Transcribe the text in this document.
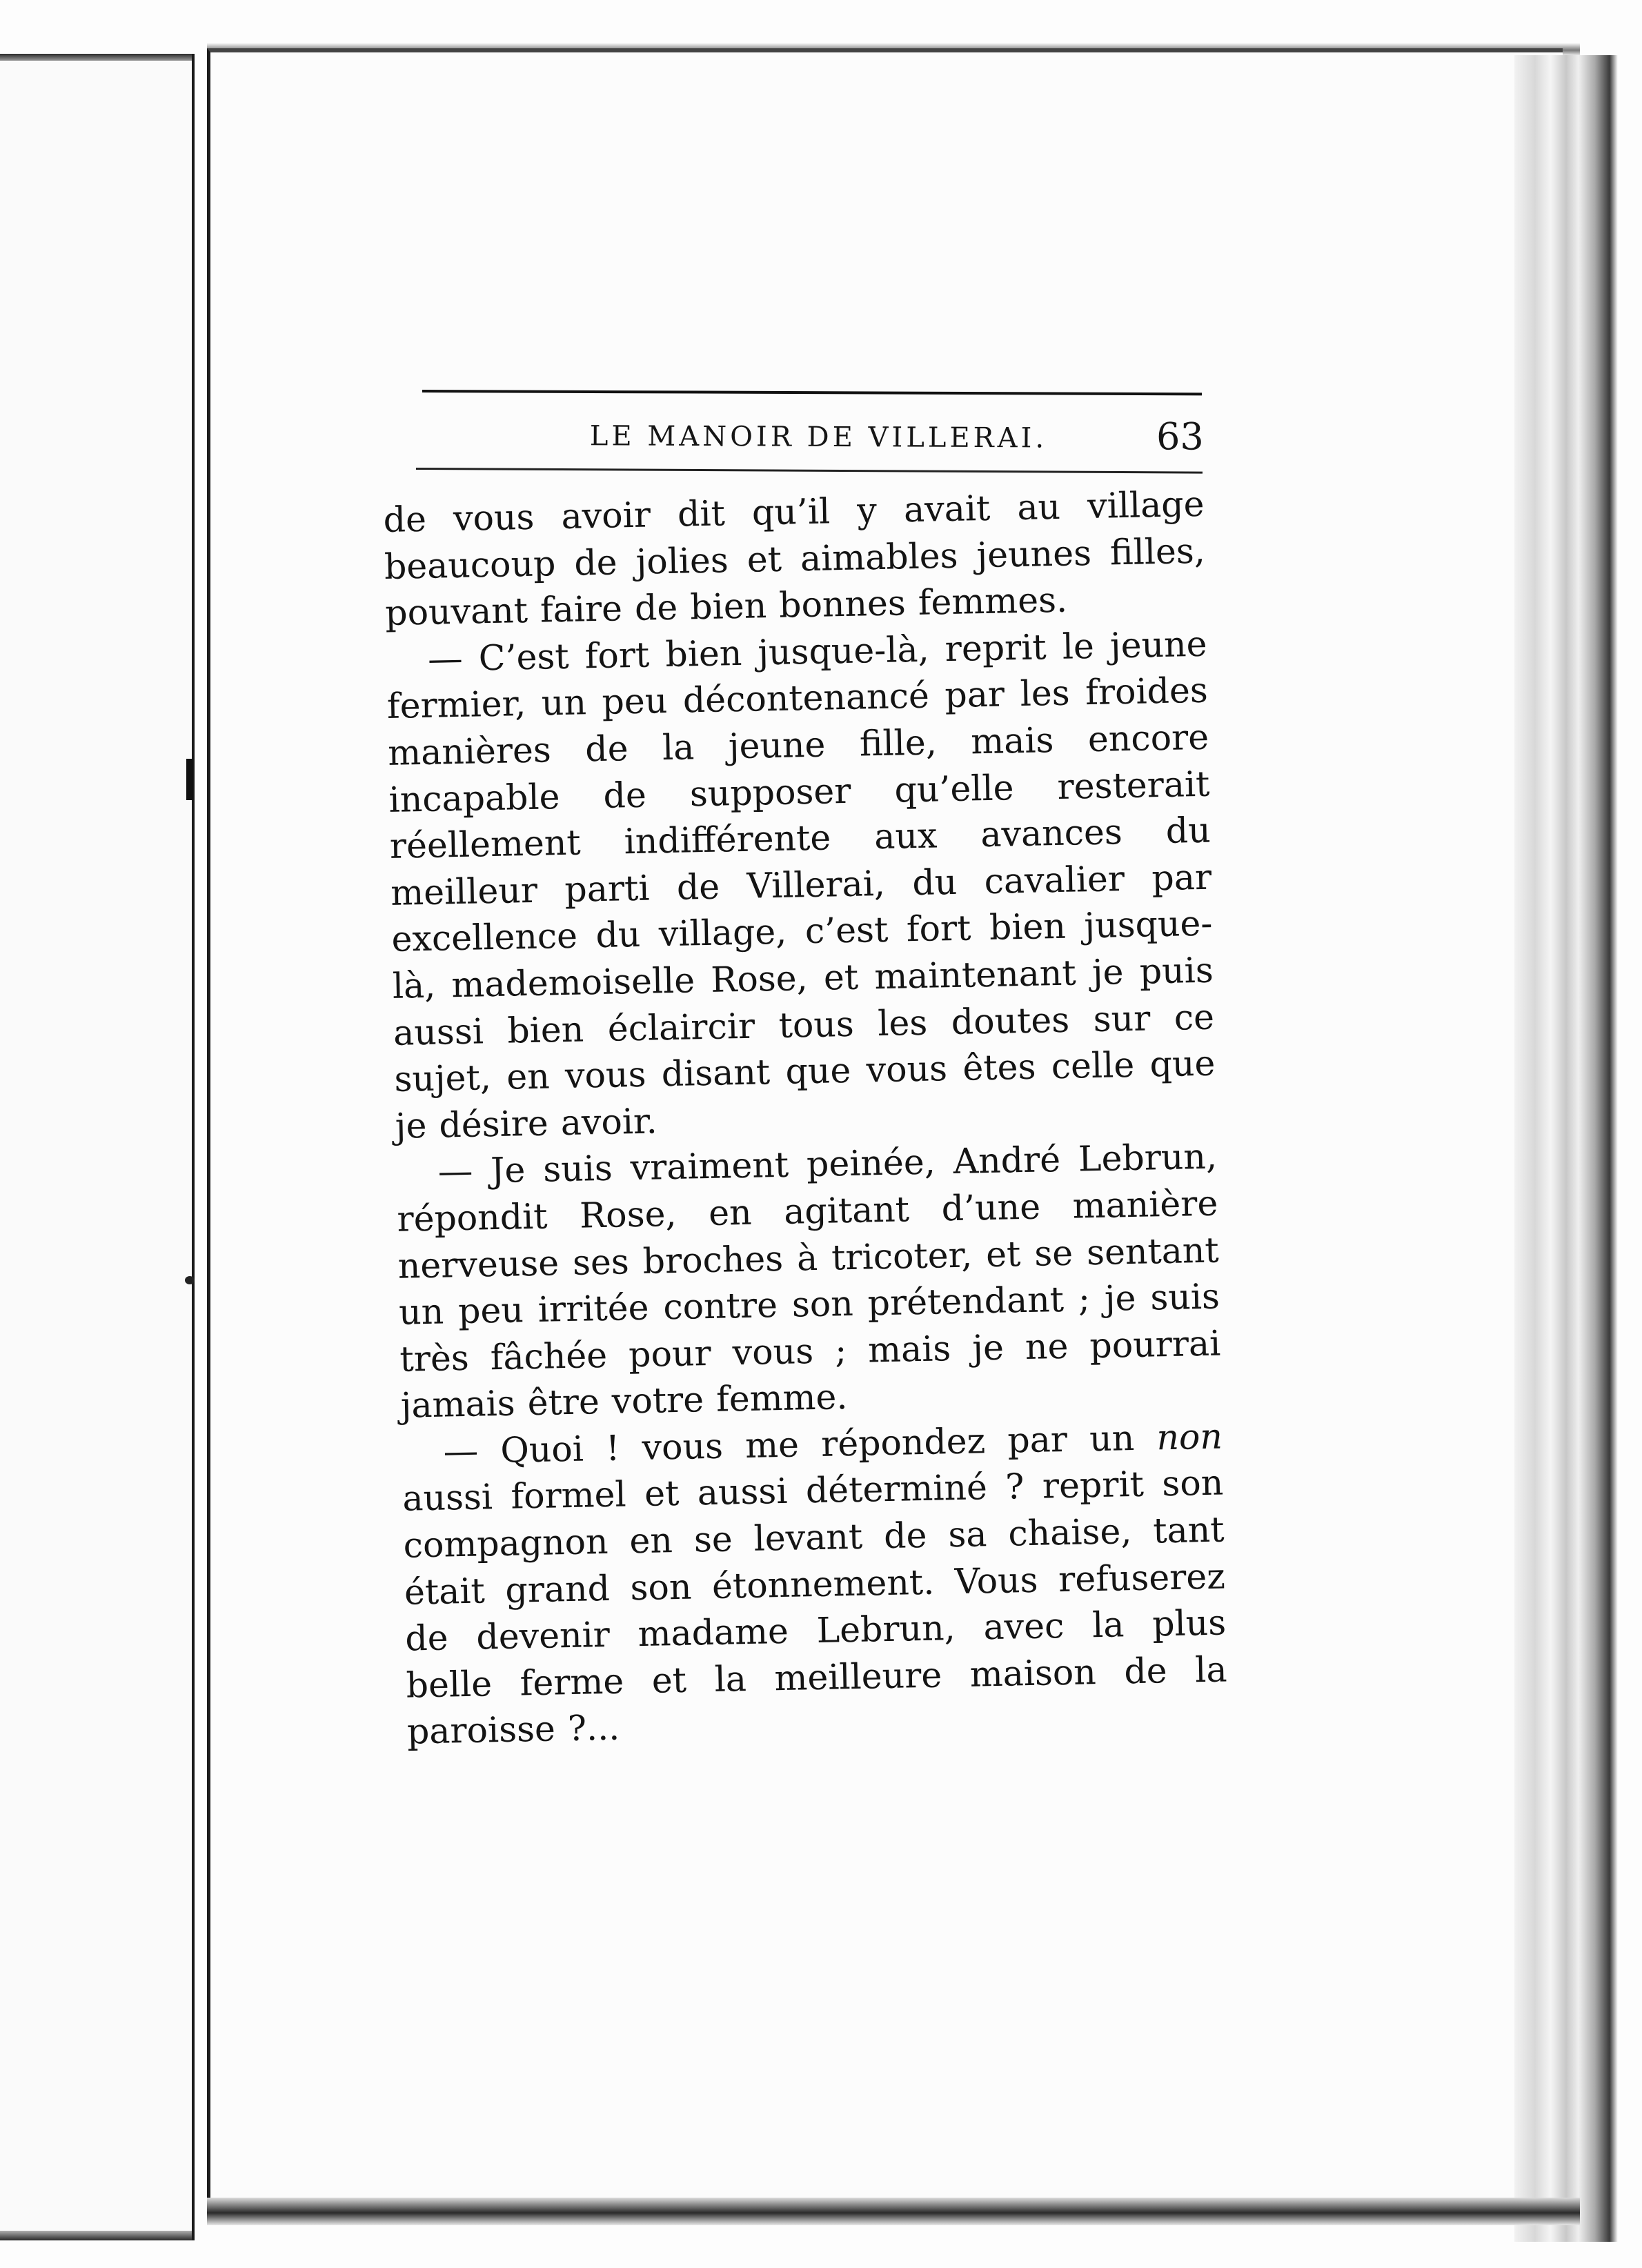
LE MANOIR DE VILLERAI.	63

de vous avoir dit qu’il y avait au village beaucoup de jolies et aimables jeunes filles, pouvant faire de bien bonnes femmes.

— C’est fort bien jusque-là, reprit le jeune fermier, un peu décontenancé par les froides manières de la jeune fille, mais encore incapable de supposer qu’elle resterait réellement indifférente aux avances du meilleur parti de Villerai, du cavalier par excellence du village, c’est fort bien jusque-là, mademoiselle Rose, et maintenant je puis aussi bien éclaircir tous les doutes sur ce sujet, en vous disant que vous êtes celle que je désire avoir.

— Je suis vraiment peinée, André Lebrun, répondit Rose, en agitant d’une manière nerveuse ses broches à tricoter, et se sentant un peu irritée contre son prétendant ; je suis très fâchée pour vous ; mais je ne pourrai jamais être votre femme.

— Quoi ! vous me répondez par un non aussi formel et aussi déterminé ? reprit son compagnon en se levant de sa chaise, tant était grand son étonnement. Vous refuserez de devenir madame Lebrun, avec la plus belle ferme et la meilleure maison de la paroisse ?...
